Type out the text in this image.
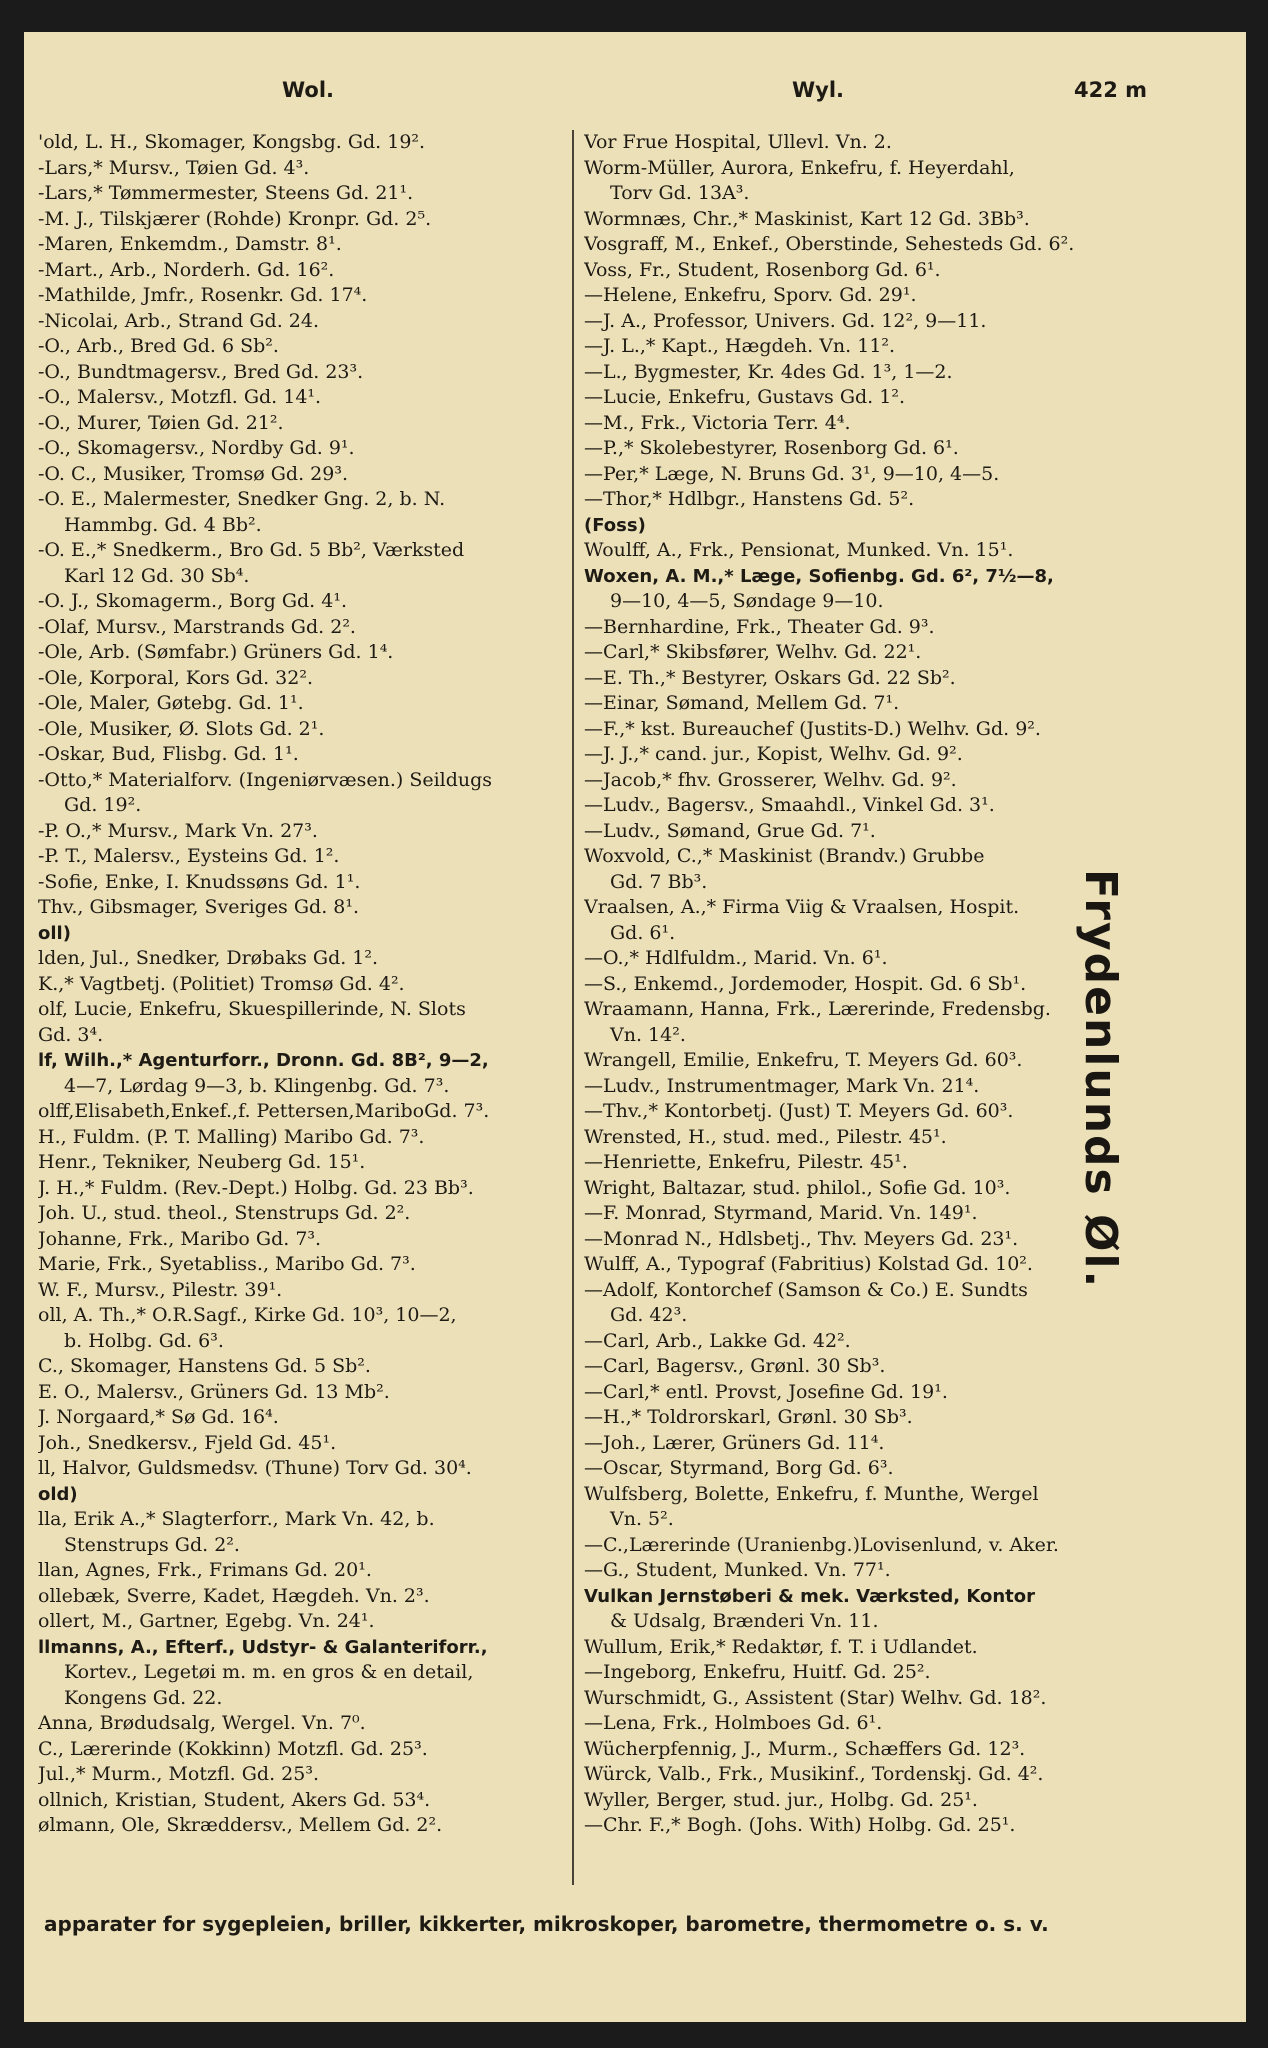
Wol.	Wyl.	422 m
'old, L. H., Skomager, Kongsbg. Gd. 19².
-Lars,* Mursv., Tøien Gd. 4³.
-Lars,* Tømmermester, Steens Gd. 21¹.
-M. J., Tilskjærer (Rohde) Kronpr. Gd. 2⁵.
-Maren, Enkemdm., Damstr. 8¹.
-Mart., Arb., Norderh. Gd. 16².
-Mathilde, Jmfr., Rosenkr. Gd. 17⁴.
-Nicolai, Arb., Strand Gd. 24.
-O., Arb., Bred Gd. 6 Sb².
-O., Bundtmagersv., Bred Gd. 23³.
-O., Malersv., Motzfl. Gd. 14¹.
-O., Murer, Tøien Gd. 21².
-O., Skomagersv., Nordby Gd. 9¹.
-O. C., Musiker, Tromsø Gd. 29³.
-O. E., Malermester, Snedker Gng. 2, b. N.
Hammbg. Gd. 4 Bb².
-O. E.,* Snedkerm., Bro Gd. 5 Bb², Værksted
Karl 12 Gd. 30 Sb⁴.
-O. J., Skomagerm., Borg Gd. 4¹.
-Olaf, Mursv., Marstrands Gd. 2².
-Ole, Arb. (Sømfabr.) Grüners Gd. 1⁴.
-Ole, Korporal, Kors Gd. 32².
-Ole, Maler, Gøtebg. Gd. 1¹.
-Ole, Musiker, Ø. Slots Gd. 2¹.
-Oskar, Bud, Flisbg. Gd. 1¹.
-Otto,* Materialforv. (Ingeniørvæsen.) Seildugs
Gd. 19².
-P. O.,* Mursv., Mark Vn. 27³.
-P. T., Malersv., Eysteins Gd. 1².
-Sofie, Enke, I. Knudssøns Gd. 1¹.
Thv., Gibsmager, Sveriges Gd. 8¹.
oll)
lden, Jul., Snedker, Drøbaks Gd. 1².
K.,* Vagtbetj. (Politiet) Tromsø Gd. 4².
olf, Lucie, Enkefru, Skuespillerinde, N. Slots
Gd. 3⁴.
lf, Wilh.,* Agenturforr., Dronn. Gd. 8B², 9—2,
4—7, Lørdag 9—3, b. Klingenbg. Gd. 7³.
olff,Elisabeth,Enkef.,f. Pettersen,MariboGd. 7³.
H., Fuldm. (P. T. Malling) Maribo Gd. 7³.
Henr., Tekniker, Neuberg Gd. 15¹.
J. H.,* Fuldm. (Rev.-Dept.) Holbg. Gd. 23 Bb³.
Joh. U., stud. theol., Stenstrups Gd. 2².
Johanne, Frk., Maribo Gd. 7³.
Marie, Frk., Syetabliss., Maribo Gd. 7³.
W. F., Mursv., Pilestr. 39¹.
oll, A. Th.,* O.R.Sagf., Kirke Gd. 10³, 10—2,
b. Holbg. Gd. 6³.
C., Skomager, Hanstens Gd. 5 Sb².
E. O., Malersv., Grüners Gd. 13 Mb².
J. Norgaard,* Sø Gd. 16⁴.
Joh., Snedkersv., Fjeld Gd. 45¹.
ll, Halvor, Guldsmedsv. (Thune) Torv Gd. 30⁴.
old)
lla, Erik A.,* Slagterforr., Mark Vn. 42, b.
Stenstrups Gd. 2².
llan, Agnes, Frk., Frimans Gd. 20¹.
ollebæk, Sverre, Kadet, Hægdeh. Vn. 2³.
ollert, M., Gartner, Egebg. Vn. 24¹.
llmanns, A., Efterf., Udstyr- & Galanteriforr.,
Kortev., Legetøi m. m. en gros & en detail,
Kongens Gd. 22.
Anna, Brødudsalg, Wergel. Vn. 7⁰.
C., Lærerinde (Kokkinn) Motzfl. Gd. 25³.
Jul.,* Murm., Motzfl. Gd. 25³.
ollnich, Kristian, Student, Akers Gd. 53⁴.
ølmann, Ole, Skræddersv., Mellem Gd. 2².
Vor Frue Hospital, Ullevl. Vn. 2.
Worm-Müller, Aurora, Enkefru, f. Heyerdahl,
Torv Gd. 13A³.
Wormnæs, Chr.,* Maskinist, Kart 12 Gd. 3Bb³.
Vosgraff, M., Enkef., Oberstinde, Sehesteds Gd. 6².
Voss, Fr., Student, Rosenborg Gd. 6¹.
—Helene, Enkefru, Sporv. Gd. 29¹.
—J. A., Professor, Univers. Gd. 12², 9—11.
—J. L.,* Kapt., Hægdeh. Vn. 11².
—L., Bygmester, Kr. 4des Gd. 1³, 1—2.
—Lucie, Enkefru, Gustavs Gd. 1².
—M., Frk., Victoria Terr. 4⁴.
—P.,* Skolebestyrer, Rosenborg Gd. 6¹.
—Per,* Læge, N. Bruns Gd. 3¹, 9—10, 4—5.
—Thor,* Hdlbgr., Hanstens Gd. 5².
(Foss)
Woulff, A., Frk., Pensionat, Munked. Vn. 15¹.
Woxen, A. M.,* Læge, Sofienbg. Gd. 6², 7½—8,
9—10, 4—5, Søndage 9—10.
—Bernhardine, Frk., Theater Gd. 9³.
—Carl,* Skibsfører, Welhv. Gd. 22¹.
—E. Th.,* Bestyrer, Oskars Gd. 22 Sb².
—Einar, Sømand, Mellem Gd. 7¹.
—F.,* kst. Bureauchef (Justits-D.) Welhv. Gd. 9².
—J. J.,* cand. jur., Kopist, Welhv. Gd. 9².
—Jacob,* fhv. Grosserer, Welhv. Gd. 9².
—Ludv., Bagersv., Smaahdl., Vinkel Gd. 3¹.
—Ludv., Sømand, Grue Gd. 7¹.
Woxvold, C.,* Maskinist (Brandv.) Grubbe
Gd. 7 Bb³.
Vraalsen, A.,* Firma Viig & Vraalsen, Hospit.
Gd. 6¹.
—O.,* Hdlfuldm., Marid. Vn. 6¹.
—S., Enkemd., Jordemoder, Hospit. Gd. 6 Sb¹.
Wraamann, Hanna, Frk., Lærerinde, Fredensbg.
Vn. 14².
Wrangell, Emilie, Enkefru, T. Meyers Gd. 60³.
—Ludv., Instrumentmager, Mark Vn. 21⁴.
—Thv.,* Kontorbetj. (Just) T. Meyers Gd. 60³.
Wrensted, H., stud. med., Pilestr. 45¹.
—Henriette, Enkefru, Pilestr. 45¹.
Wright, Baltazar, stud. philol., Sofie Gd. 10³.
—F. Monrad, Styrmand, Marid. Vn. 149¹.
—Monrad N., Hdlsbetj., Thv. Meyers Gd. 23¹.
Wulff, A., Typograf (Fabritius) Kolstad Gd. 10².
—Adolf, Kontorchef (Samson & Co.) E. Sundts
Gd. 42³.
—Carl, Arb., Lakke Gd. 42².
—Carl, Bagersv., Grønl. 30 Sb³.
—Carl,* entl. Provst, Josefine Gd. 19¹.
—H.,* Toldrorskarl, Grønl. 30 Sb³.
—Joh., Lærer, Grüners Gd. 11⁴.
—Oscar, Styrmand, Borg Gd. 6³.
Wulfsberg, Bolette, Enkefru, f. Munthe, Wergel
Vn. 5².
—C.,Lærerinde (Uranienbg.)Lovisenlund, v. Aker.
—G., Student, Munked. Vn. 77¹.
Vulkan Jernstøberi & mek. Værksted, Kontor
& Udsalg, Brænderi Vn. 11.
Wullum, Erik,* Redaktør, f. T. i Udlandet.
—Ingeborg, Enkefru, Huitf. Gd. 25².
Wurschmidt, G., Assistent (Star) Welhv. Gd. 18².
—Lena, Frk., Holmboes Gd. 6¹.
Wücherpfennig, J., Murm., Schæffers Gd. 12³.
Würck, Valb., Frk., Musikinf., Tordenskj. Gd. 4².
Wyller, Berger, stud. jur., Holbg. Gd. 25¹.
—Chr. F.,* Bogh. (Johs. With) Holbg. Gd. 25¹.
Frydenlunds Øl.
apparater for sygepleien, briller, kikkerter, mikroskoper, barometre, thermometre o. s. v.
